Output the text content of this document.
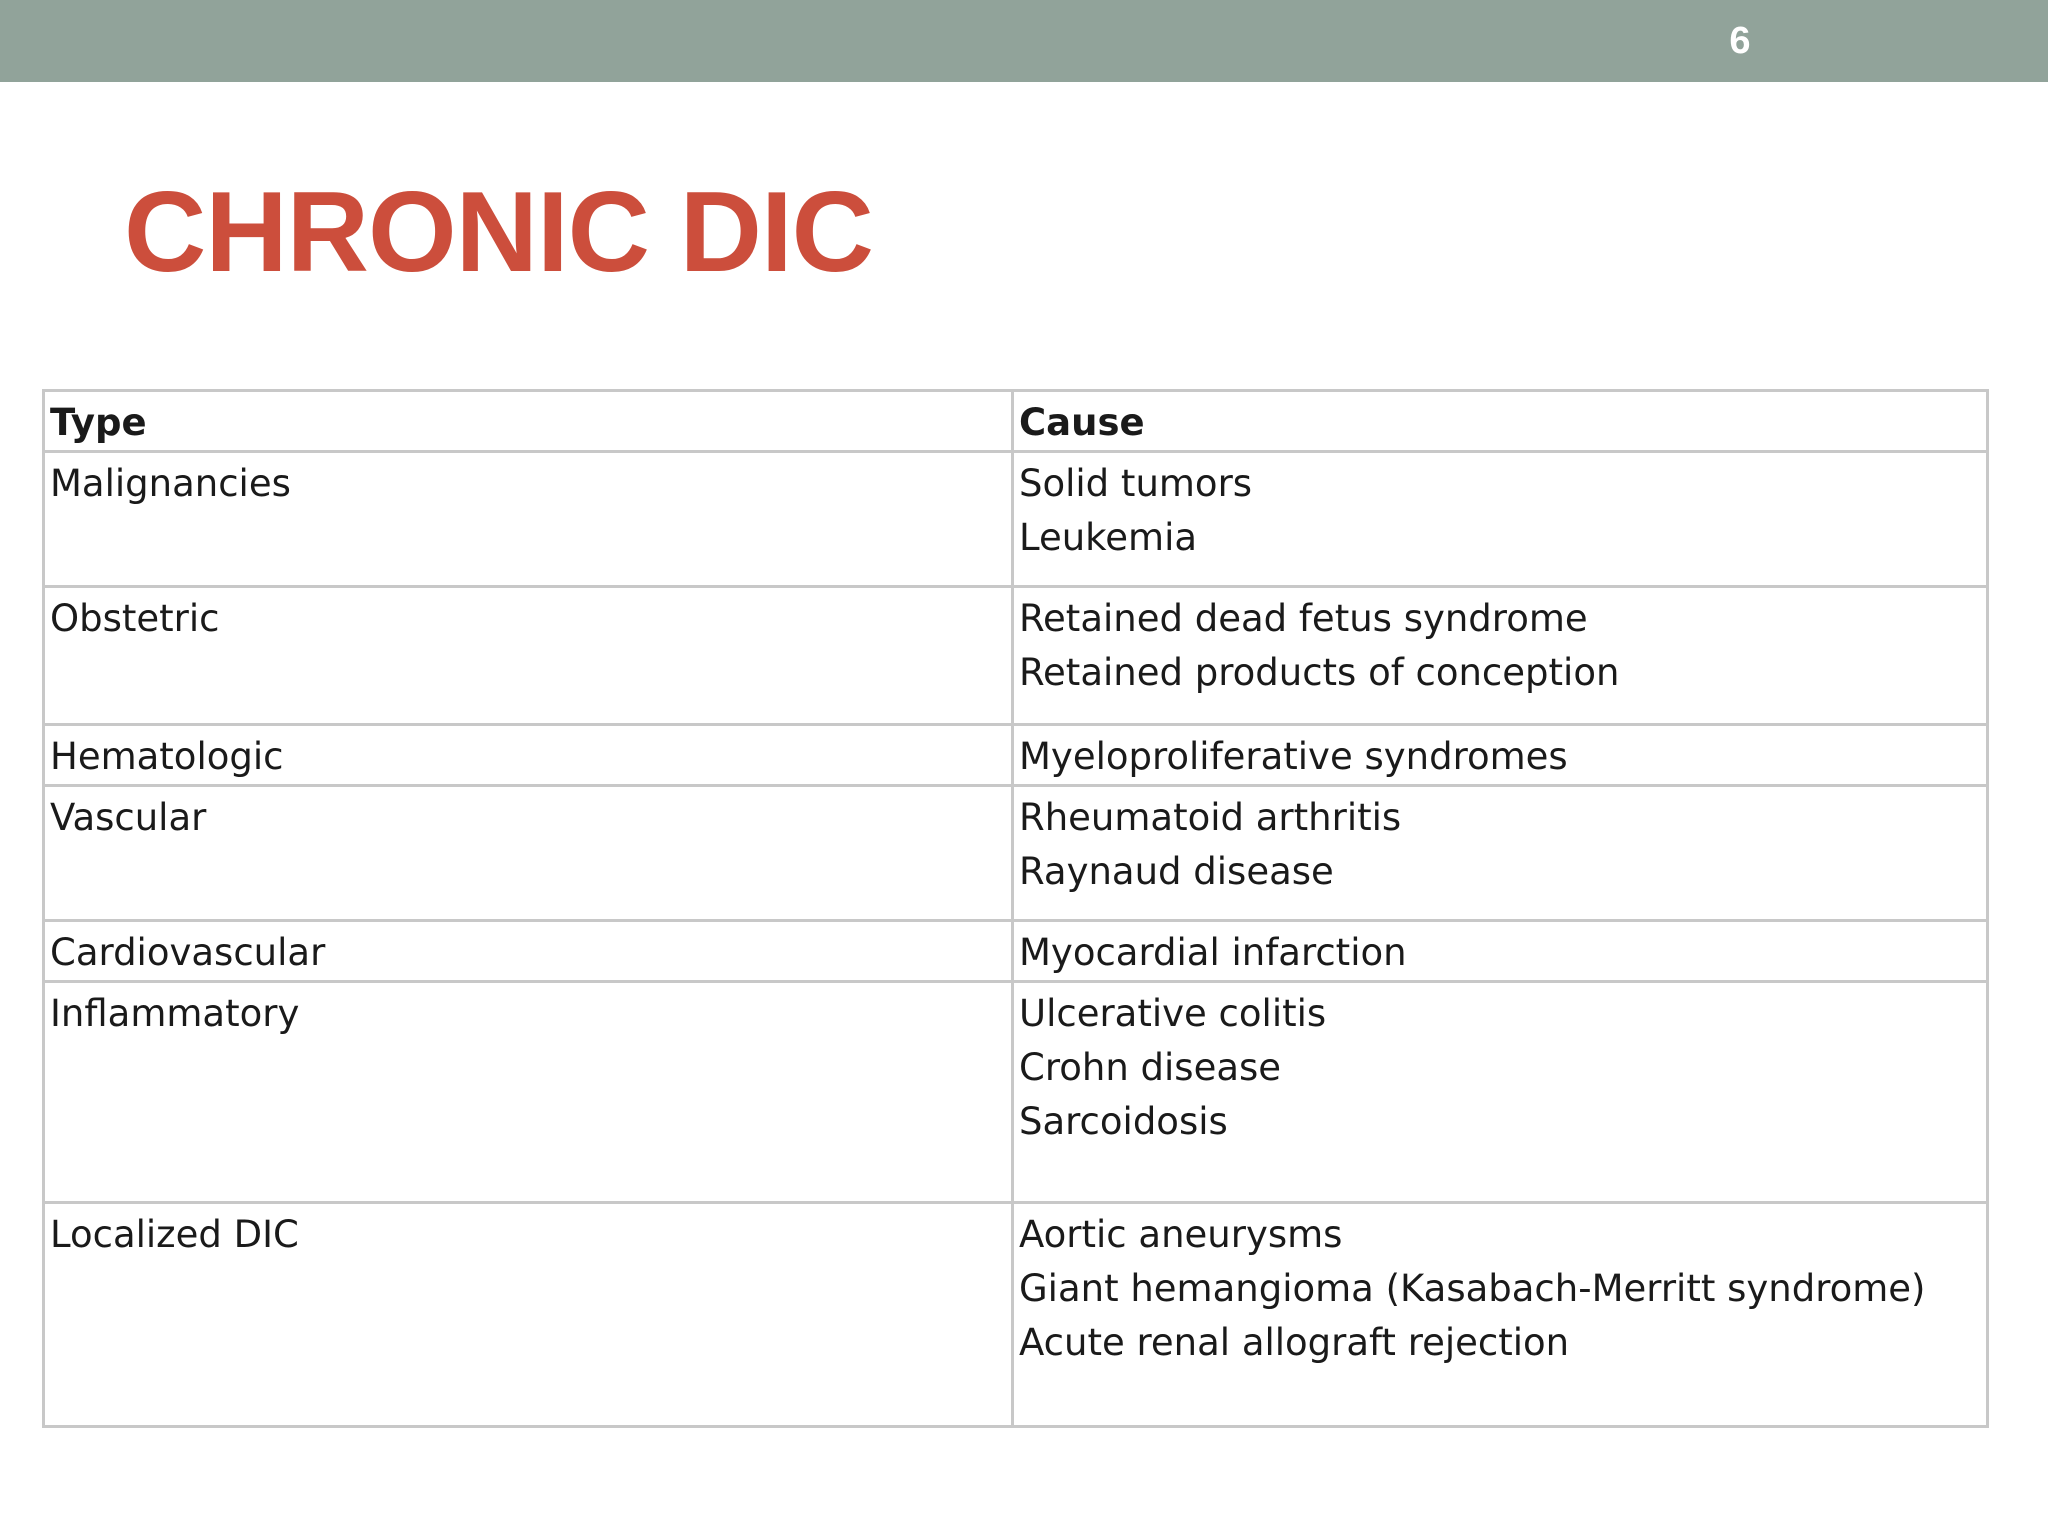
6
CHRONIC DIC
Type	Cause
Malignancies	Solid tumors
Leukemia

Obstetric	Retained dead fetus syndrome
Retained products of conception

Hematologic	Myeloproliferative syndromes

Vascular	Rheumatoid arthritis
Raynaud disease

Cardiovascular	Myocardial infarction

Inflammatory	Ulcerative colitis
Crohn disease
Sarcoidosis

Localized DIC	Aortic aneurysms
Giant hemangioma (Kasabach-Merritt syndrome)
Acute renal allograft rejection
